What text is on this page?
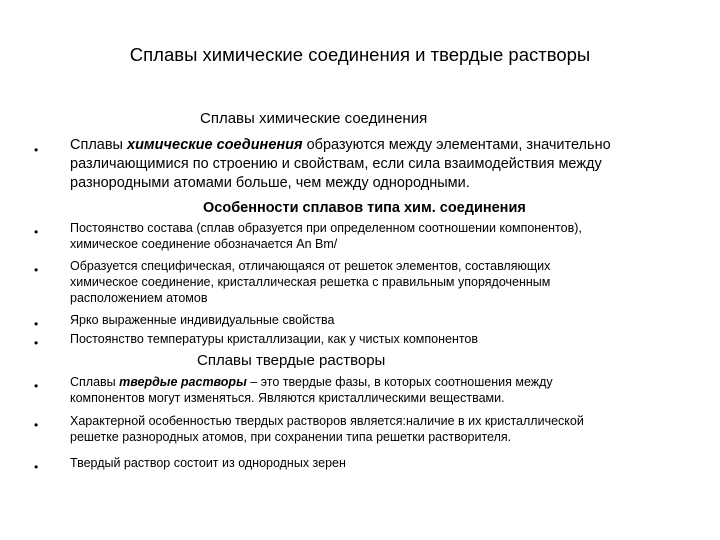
Сплавы химические соединения и твердые растворы
Сплавы химические соединения
• Сплавы химические соединения образуются между элементами, значительно
различающимися по строению и свойствам, если сила взаимодействия между
разнородными атомами больше, чем между однородными.
Особенности сплавов типа хим. соединения
•	Постоянство состава (сплав образуется при определенном соотношении компонентов),
химическое соединение обозначается An Bm/
•	Образуется специфическая, отличающаяся от решеток элементов, составляющих
химическое соединение, кристаллическая решетка с правильным упорядоченным
расположением атомов
•	Ярко выраженные индивидуальные свойства
•	Постоянство температуры кристаллизации, как у чистых компонентов
Сплавы твердые растворы
•	Сплавы твердые растворы – это твердые фазы, в которых соотношения между
компонентов могут изменяться. Являются кристаллическими веществами.
•	Характерной особенностью твердых растворов является:наличие в их кристаллической
решетке разнородных атомов, при сохранении типа решетки растворителя.
•	Твердый раствор состоит из однородных зерен
